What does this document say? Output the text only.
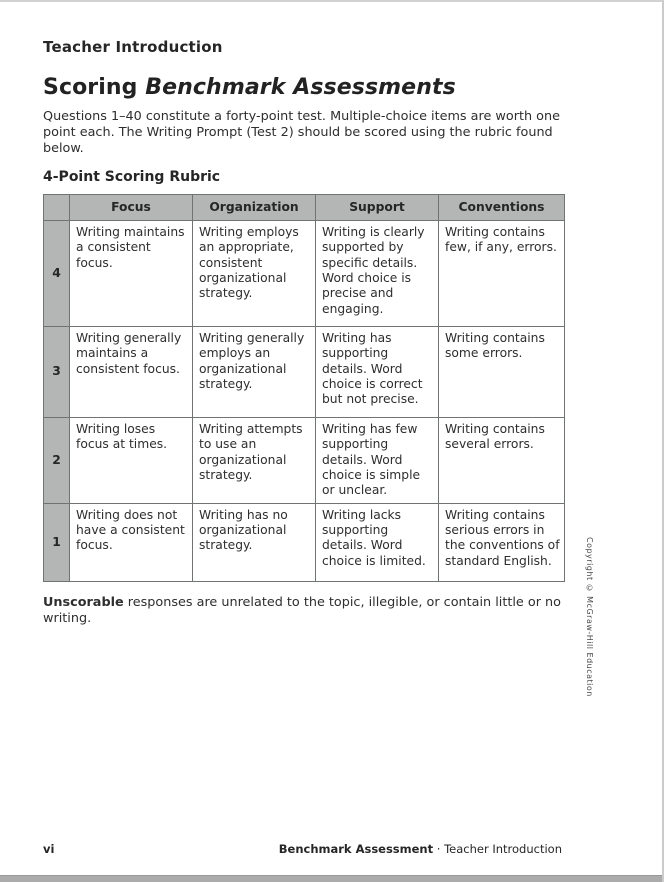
Teacher Introduction
Scoring Benchmark Assessments

Questions 1–40 constitute a forty-point test. Multiple-choice items are worth one point each. The Writing Prompt (Test 2) should be scored using the rubric found below.

4-Point Scoring Rubric
	Focus	Organization	Support	Conventions
4	Writing maintains a consistent focus.	Writing employs an appropriate, consistent organizational strategy.	Writing is clearly supported by specific details. Word choice is precise and engaging.	Writing contains few, if any, errors.
3	Writing generally maintains a consistent focus.	Writing generally employs an organizational strategy.	Writing has supporting details. Word choice is correct but not precise.	Writing contains some errors.
2	Writing loses focus at times.	Writing attempts to use an organizational strategy.	Writing has few supporting details. Word choice is simple or unclear.	Writing contains several errors.
1	Writing does not have a consistent focus.	Writing has no organizational strategy.	Writing lacks supporting details. Word choice is limited.	Writing contains serious errors in the conventions of standard English.

Unscorable responses are unrelated to the topic, illegible, or contain little or no writing.	Copyright © McGraw-Hill Education
vi	Benchmark Assessment · Teacher Introduction
